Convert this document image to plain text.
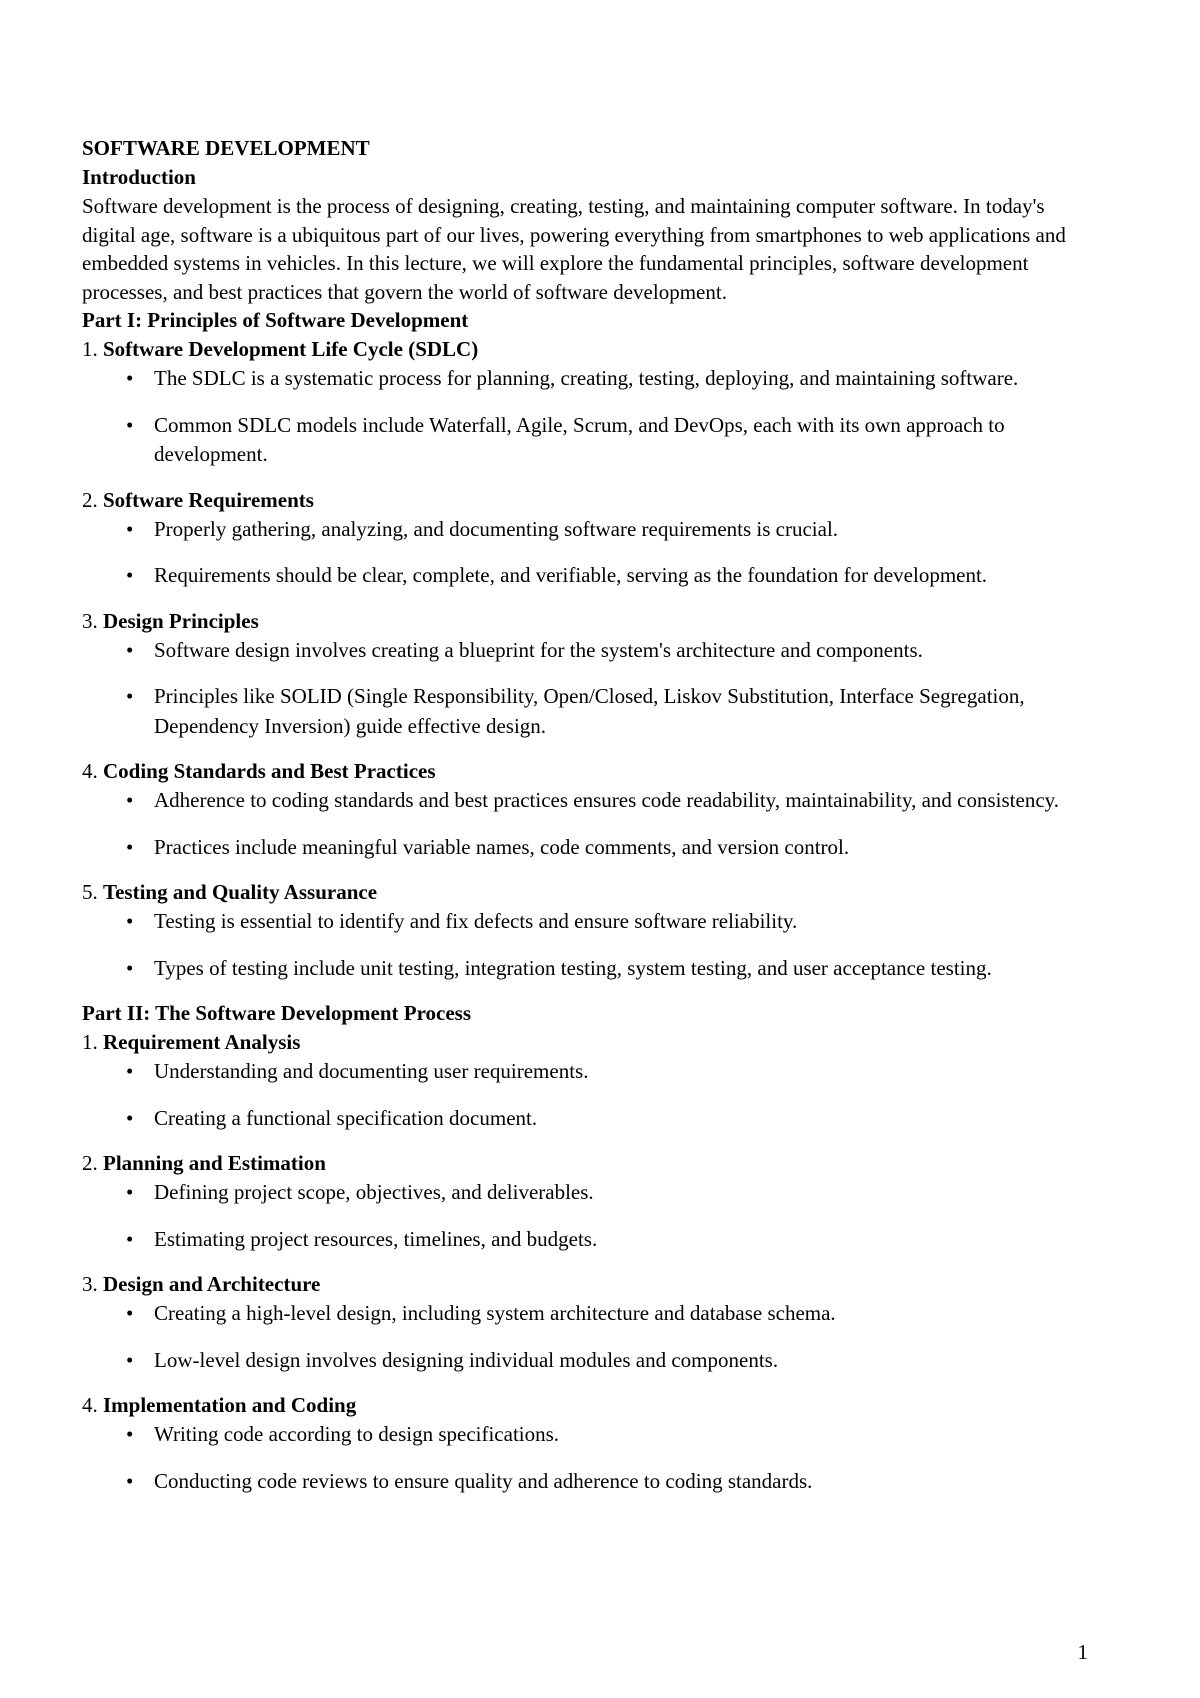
SOFTWARE DEVELOPMENT

Introduction

Software development is the process of designing, creating, testing, and maintaining computer software. In today's digital age, software is a ubiquitous part of our lives, powering everything from smartphones to web applications and embedded systems in vehicles. In this lecture, we will explore the fundamental principles, software development processes, and best practices that govern the world of software development.

Part I: Principles of Software Development

1. Software Development Life Cycle (SDLC)

• The SDLC is a systematic process for planning, creating, testing, deploying, and maintaining software.
• Common SDLC models include Waterfall, Agile, Scrum, and DevOps, each with its own approach to development.

2. Software Requirements

• Properly gathering, analyzing, and documenting software requirements is crucial.
• Requirements should be clear, complete, and verifiable, serving as the foundation for development.

3. Design Principles

• Software design involves creating a blueprint for the system's architecture and components.
• Principles like SOLID (Single Responsibility, Open/Closed, Liskov Substitution, Interface Segregation, Dependency Inversion) guide effective design.

4. Coding Standards and Best Practices

• Adherence to coding standards and best practices ensures code readability, maintainability, and consistency.
• Practices include meaningful variable names, code comments, and version control.

5. Testing and Quality Assurance

• Testing is essential to identify and fix defects and ensure software reliability.
• Types of testing include unit testing, integration testing, system testing, and user acceptance testing.

Part II: The Software Development Process

1. Requirement Analysis

• Understanding and documenting user requirements.
• Creating a functional specification document.

2. Planning and Estimation

• Defining project scope, objectives, and deliverables.
• Estimating project resources, timelines, and budgets.

3. Design and Architecture

• Creating a high-level design, including system architecture and database schema.
• Low-level design involves designing individual modules and components.

4. Implementation and Coding

• Writing code according to design specifications.
• Conducting code reviews to ensure quality and adherence to coding standards.
1
